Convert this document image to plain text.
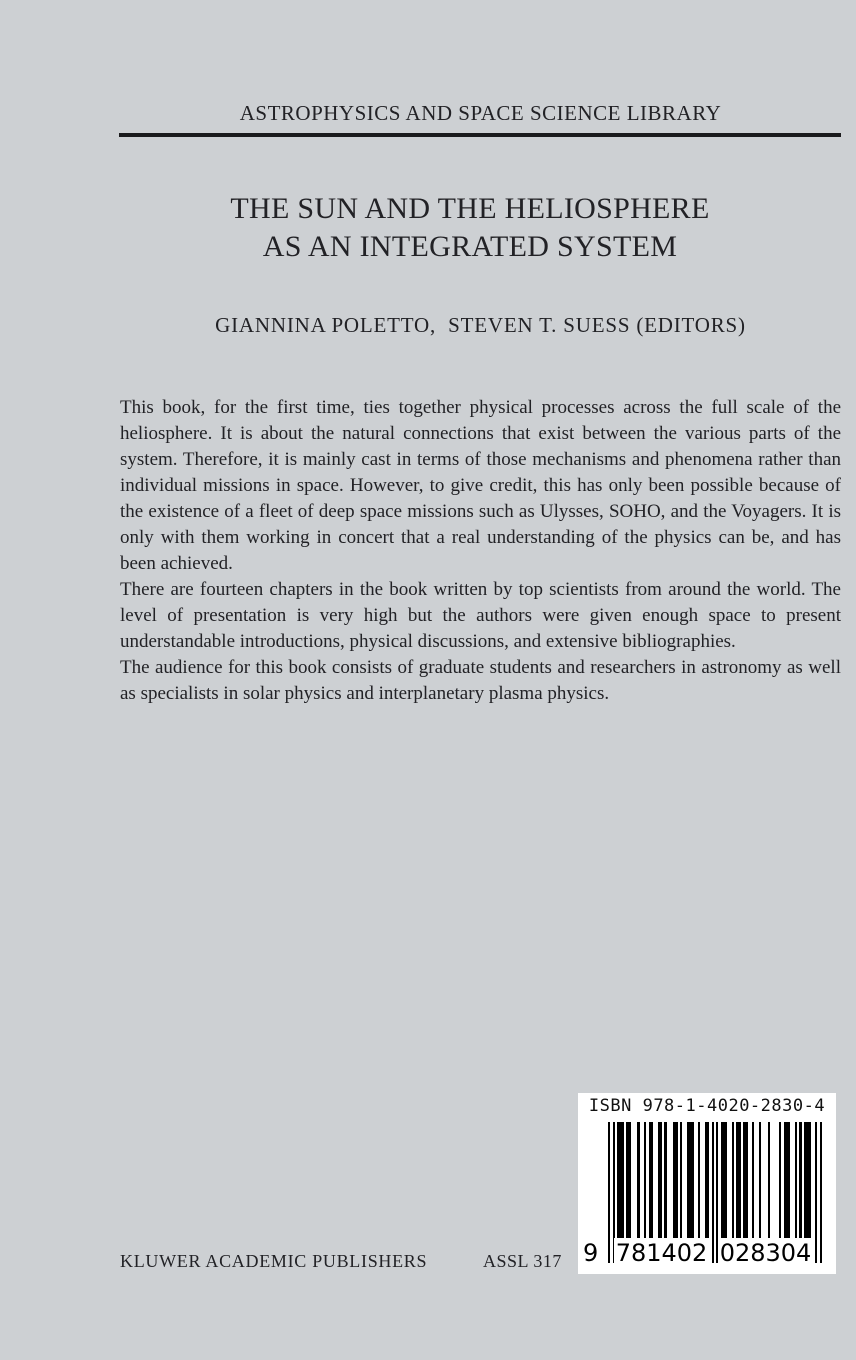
ASTROPHYSICS AND SPACE SCIENCE LIBRARY
THE SUN AND THE HELIOSPHERE
AS AN INTEGRATED SYSTEM
GIANNINA POLETTO,  STEVEN T. SUESS (EDITORS)

This book, for the first time, ties together physical processes across the full scale of the heliosphere. It is about the natural connections that exist between the various parts of the system. Therefore, it is mainly cast in terms of those mechanisms and phenomena rather than individual missions in space. However, to give credit, this has only been possible because of the existence of a fleet of deep space missions such as Ulysses, SOHO, and the Voyagers. It is only with them working in concert that a real understanding of the physics can be, and has been achieved.

There are fourteen chapters in the book written by top scientists from around the world. The level of presentation is very high but the authors were given enough space to present understandable introductions, physical discussions, and extensive bibliographies.

The audience for this book consists of graduate students and researchers in astronomy as well as specialists in solar physics and interplanetary plasma physics.

ISBN 978-1-4020-2830-4
9 781402 028304
KLUWER ACADEMIC PUBLISHERS	ASSL 317
